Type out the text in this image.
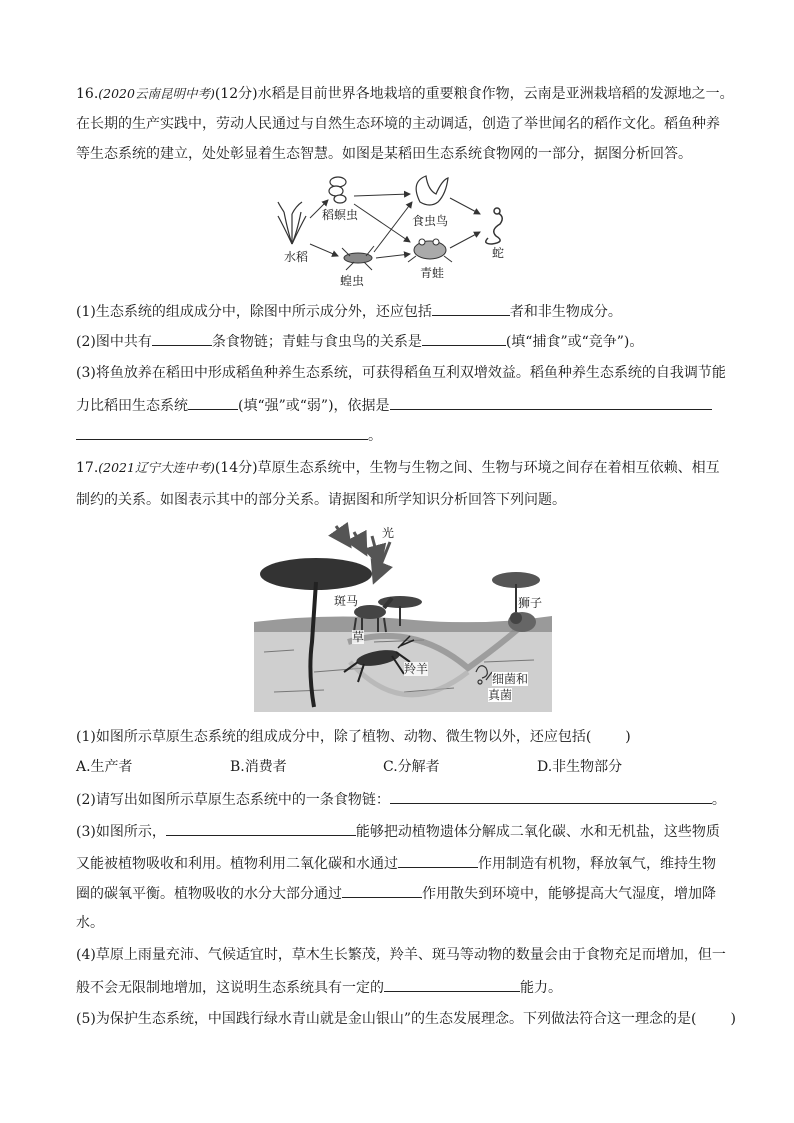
16.(2020云南昆明中考)(12分)水稻是目前世界各地栽培的重要粮食作物，云南是亚洲栽培稻的发源地之一。
在长期的生产实践中，劳动人民通过与自然生态环境的主动调适，创造了举世闻名的稻作文化。稻鱼种养
等生态系统的建立，处处彰显着生态智慧。如图是某稻田生态系统食物网的一部分，据图分析回答。
水稻
稻螟虫
蝗虫
食虫鸟
青蛙
蛇
(1)生态系统的组成成分中，除图中所示成分外，还应包括	者和非生物成分。
(2)图中共有	条食物链；青蛙与食虫鸟的关系是	(填“捕食”或“竞争”)。
(3)将鱼放养在稻田中形成稻鱼种养生态系统，可获得稻鱼互利双增效益。稻鱼种养生态系统的自我调节能
力比稻田生态系统	(填“强”或“弱”)，依据是
。
17.(2021辽宁大连中考)(14分)草原生态系统中，生物与生物之间、生物与环境之间存在着相互依赖、相互
制约的关系。如图表示其中的部分关系。请据图和所学知识分析回答下列问题。
光
斑马
草
狮子
羚羊
细菌和
真菌
(1)如图所示草原生态系统的组成成分中，除了植物、动物、微生物以外，还应包括( )
A.生产者	B.消费者	C.分解者	D.非生物部分
(2)请写出如图所示草原生态系统中的一条食物链：	。
(3)如图所示，	能够把动植物遗体分解成二氧化碳、水和无机盐，这些物质
又能被植物吸收和利用。植物利用二氧化碳和水通过	作用制造有机物，释放氧气，维持生物
圈的碳氧平衡。植物吸收的水分大部分通过	作用散失到环境中，能够提高大气湿度，增加降
水。
(4)草原上雨量充沛、气候适宜时，草木生长繁茂，羚羊、斑马等动物的数量会由于食物充足而增加，但一
般不会无限制地增加，这说明生态系统具有一定的	能力。
(5)为保护生态系统，中国践行绿水青山就是金山银山”的生态发展理念。下列做法符合这一理念的是( )
